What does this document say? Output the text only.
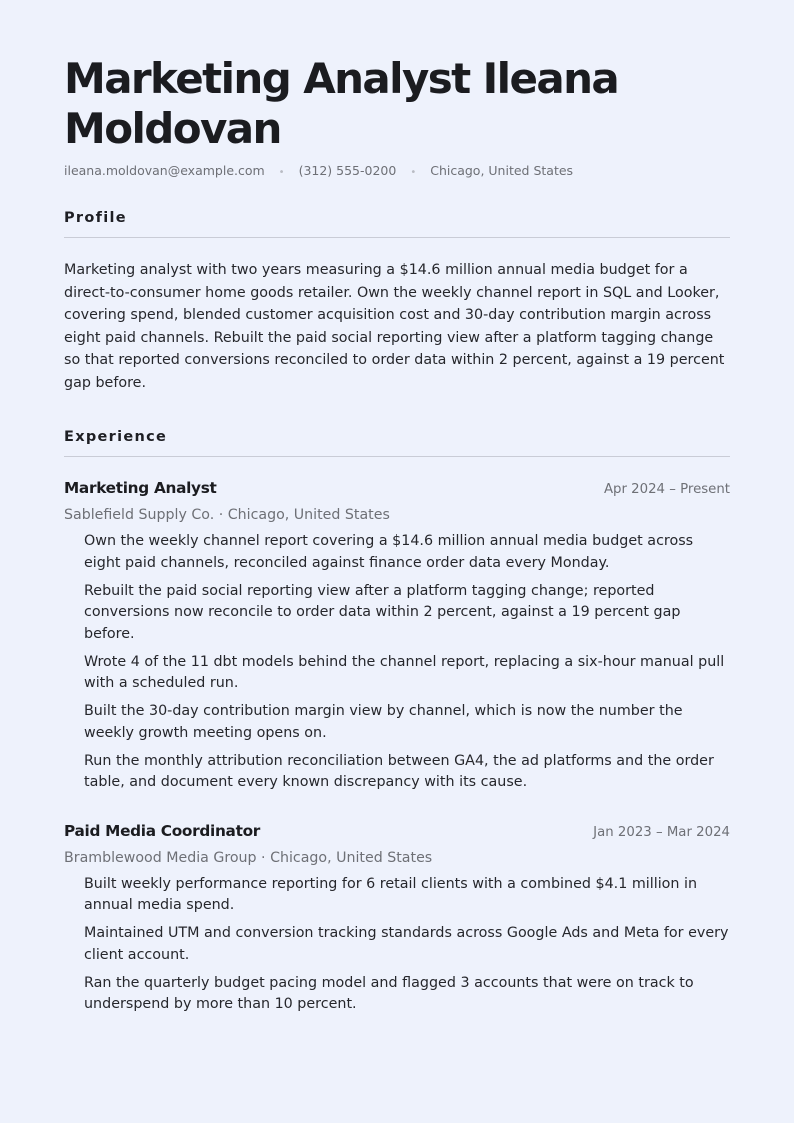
Marketing Analyst Ileana Moldovan
ileana.moldovan@example.com • (312) 555-0200 • Chicago, United States
Profile
Marketing analyst with two years measuring a $14.6 million annual media budget for a direct-to-consumer home goods retailer. Own the weekly channel report in SQL and Looker, covering spend, blended customer acquisition cost and 30-day contribution margin across eight paid channels. Rebuilt the paid social reporting view after a platform tagging change so that reported conversions reconciled to order data within 2 percent, against a 19 percent gap before.
Experience
Marketing Analyst	Apr 2024 – Present
Sablefield Supply Co. · Chicago, United States
Own the weekly channel report covering a $14.6 million annual media budget across eight paid channels, reconciled against finance order data every Monday.
Rebuilt the paid social reporting view after a platform tagging change; reported conversions now reconcile to order data within 2 percent, against a 19 percent gap before.
Wrote 4 of the 11 dbt models behind the channel report, replacing a six-hour manual pull with a scheduled run.
Built the 30-day contribution margin view by channel, which is now the number the weekly growth meeting opens on.
Run the monthly attribution reconciliation between GA4, the ad platforms and the order table, and document every known discrepancy with its cause.
Paid Media Coordinator	Jan 2023 – Mar 2024
Bramblewood Media Group · Chicago, United States
Built weekly performance reporting for 6 retail clients with a combined $4.1 million in annual media spend.
Maintained UTM and conversion tracking standards across Google Ads and Meta for every client account.
Ran the quarterly budget pacing model and flagged 3 accounts that were on track to underspend by more than 10 percent.
